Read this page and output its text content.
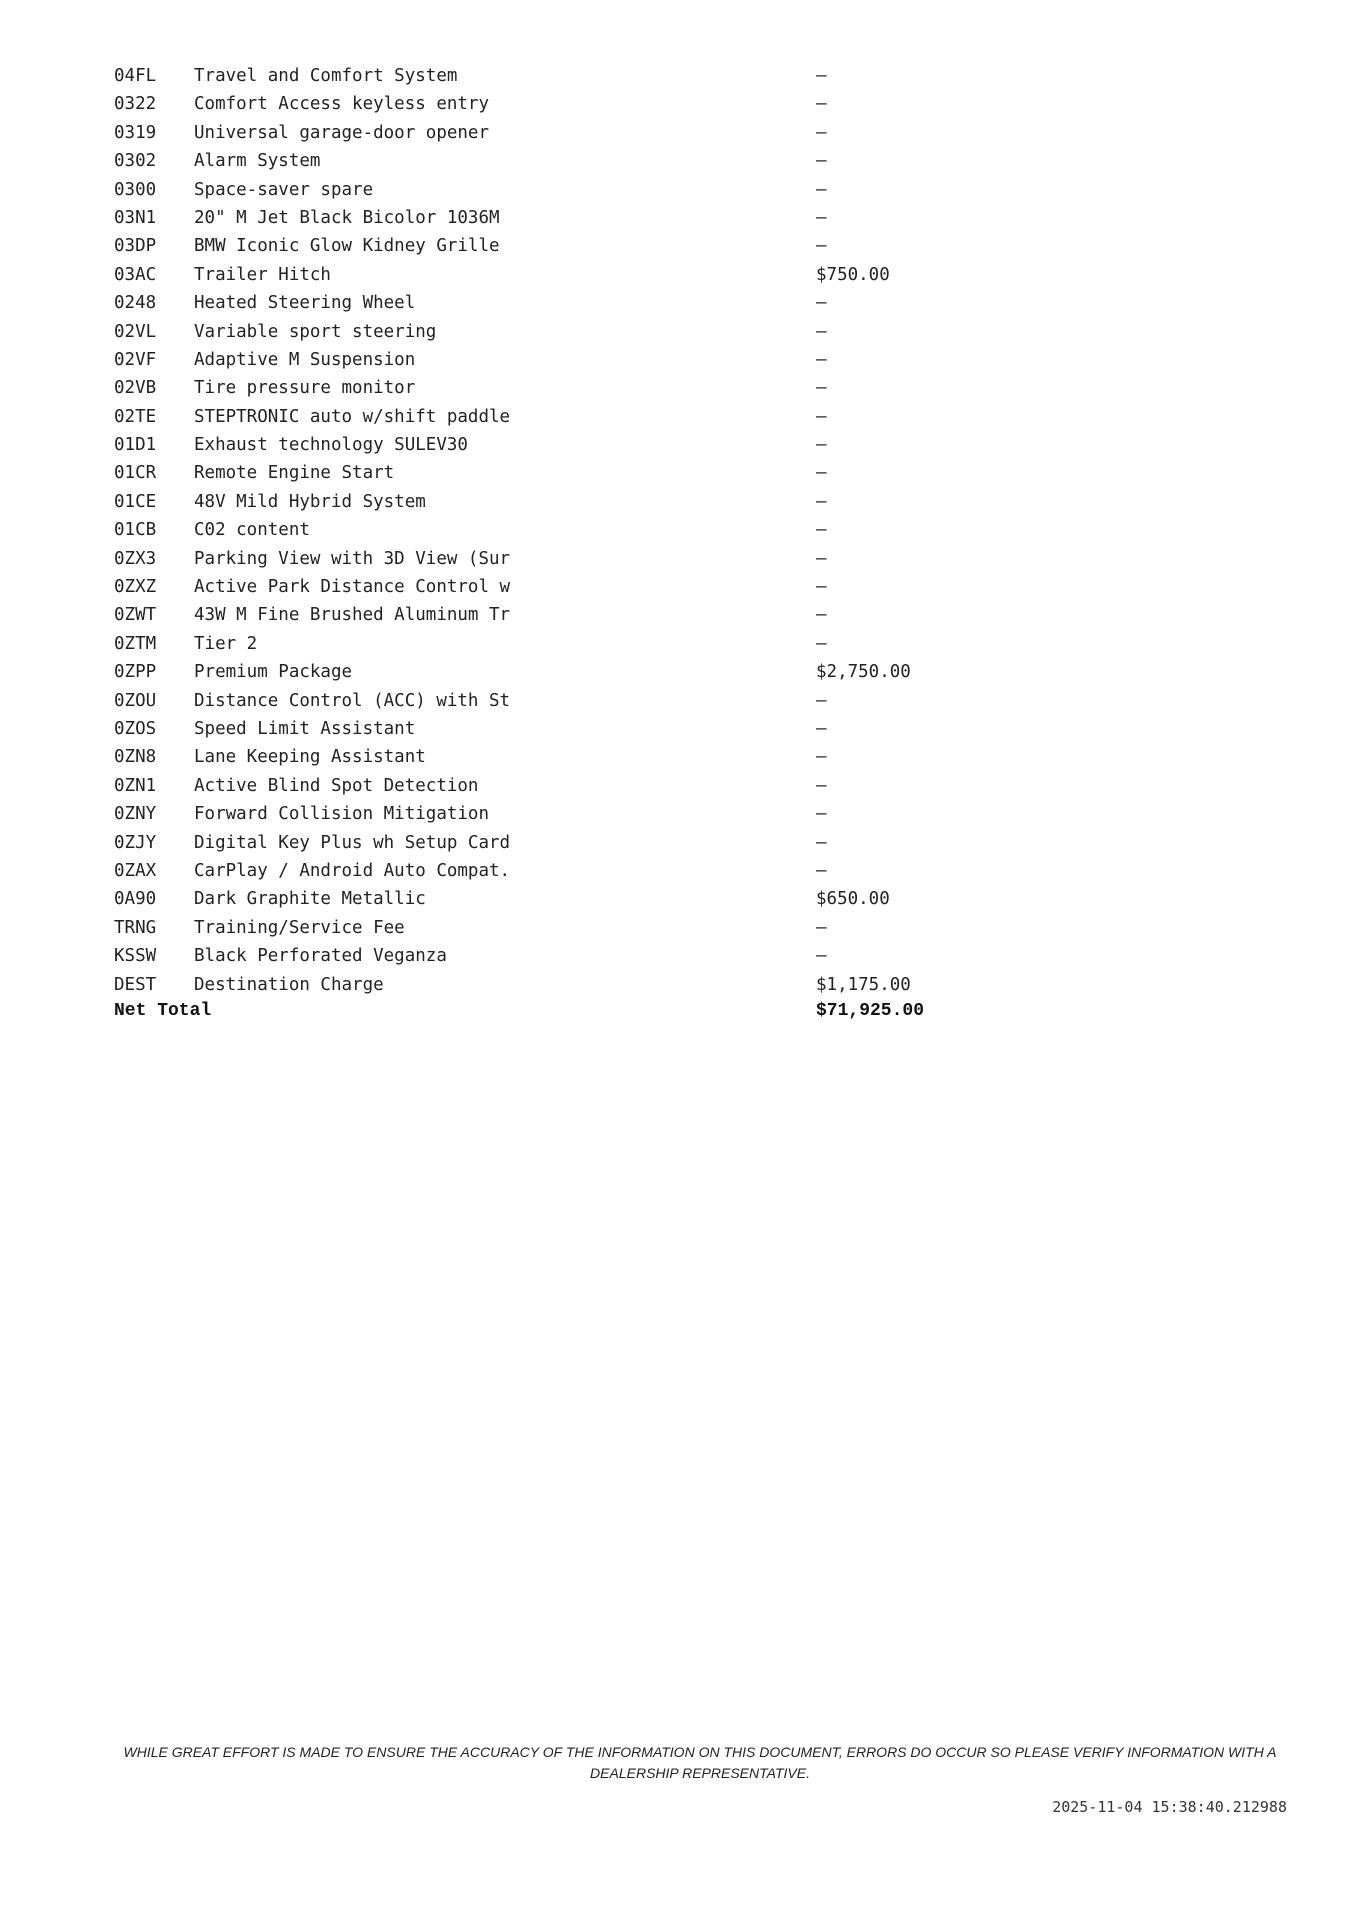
04FL Travel and Comfort System	—
0322 Comfort Access keyless entry	—
0319 Universal garage-door opener	—
0302 Alarm System	—
0300 Space-saver spare	—
03N1 20" M Jet Black Bicolor 1036M	—
03DP BMW Iconic Glow Kidney Grille	—
03AC Trailer Hitch	$750.00
0248 Heated Steering Wheel	—
02VL Variable sport steering	—
02VF Adaptive M Suspension	—
02VB Tire pressure monitor	—
02TE STEPTRONIC auto w/shift paddle	—
01D1 Exhaust technology SULEV30	—
01CR Remote Engine Start	—
01CE 48V Mild Hybrid System	—
01CB C02 content	—
0ZX3 Parking View with 3D View (Sur	—
0ZXZ Active Park Distance Control w	—
0ZWT 43W M Fine Brushed Aluminum Tr	—
0ZTM Tier 2	—
0ZPP Premium Package	$2,750.00
0ZOU Distance Control (ACC) with St	—
0ZOS Speed Limit Assistant	—
0ZN8 Lane Keeping Assistant	—
0ZN1 Active Blind Spot Detection	—
0ZNY Forward Collision Mitigation	—
0ZJY Digital Key Plus wh Setup Card	—
0ZAX CarPlay / Android Auto Compat.	—
0A90 Dark Graphite Metallic	$650.00
TRNG Training/Service Fee	—
KSSW Black Perforated Veganza	—
DEST Destination Charge	$1,175.00
Net Total	$71,925.00

WHILE GREAT EFFORT IS MADE TO ENSURE THE ACCURACY OF THE INFORMATION ON THIS DOCUMENT, ERRORS DO OCCUR SO PLEASE VERIFY INFORMATION WITH A DEALERSHIP REPRESENTATIVE.

2025-11-04 15:38:40.212988
